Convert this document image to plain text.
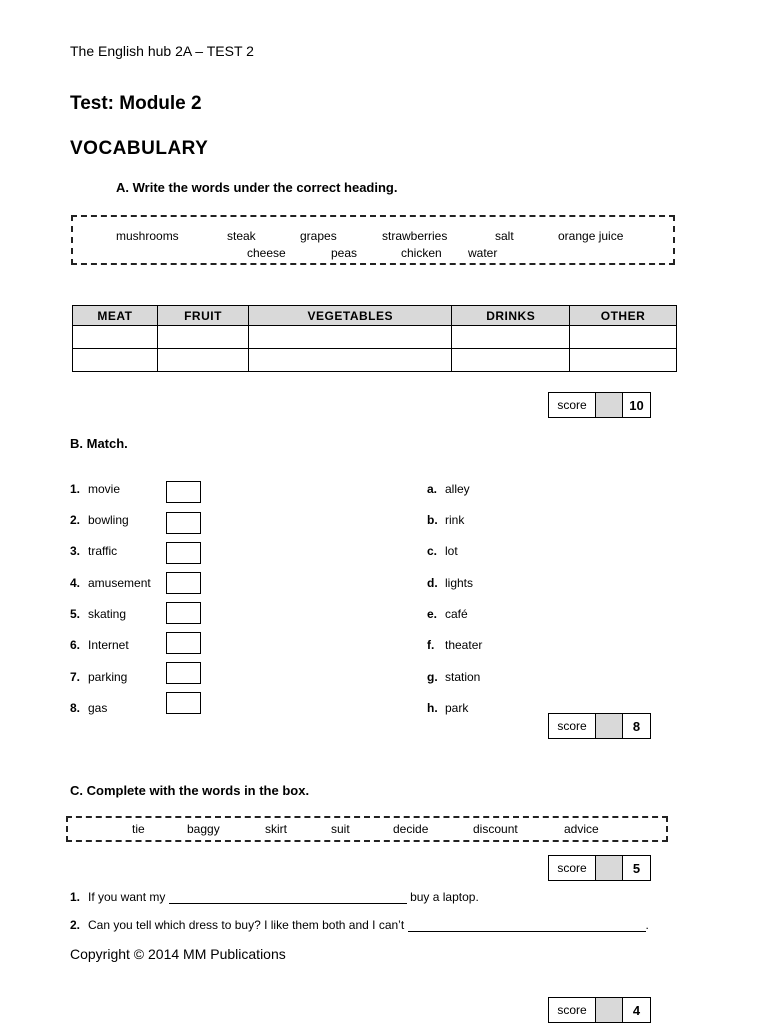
The English hub 2A – TEST 2
Test: Module 2
VOCABULARY
A. Write the words under the correct heading.
mushrooms	steak	grapes	strawberries	salt	orange juice
cheese	peas	chicken water
MEAT	FRUIT	VEGETABLES	DRINKS	OTHER

score	10
B. Match.
1. movie
2. bowling
3. traffic
4. amusement
5. skating
6. Internet
7. parking
8. gas
a. alley
b. rink
c. lot
d. lights
e. café
f. theater
g. station
h. park
score	8
C. Complete with the words in the box.
tie	baggy	skirt	suit	decide	discount	advice
score	5
1. If you want my	buy a laptop.
2. Can you tell which dress to buy? I like them both and I can’t	.
Copyright © 2014 MM Publications
score	4
